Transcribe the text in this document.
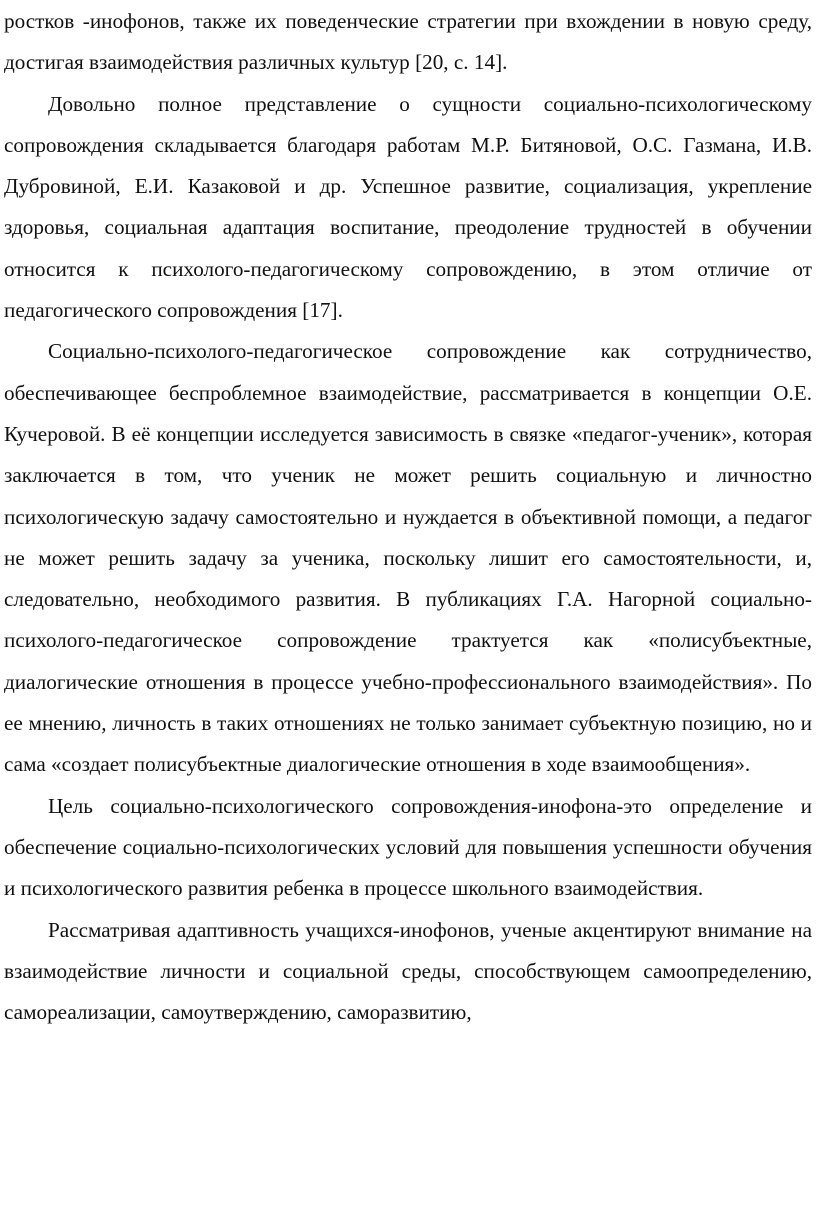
ростков -инофонов, также их поведенческие стратегии при вхождении в новую среду, достигая взаимодействия различных культур [20, с. 14].

Довольно полное представление о сущности социально-психологическому сопровождения складывается благодаря работам М.Р. Битяновой, О.С. Газмана, И.В. Дубровиной, Е.И. Казаковой и др. Успешное развитие, социализация, укрепление здоровья, социальная адаптация воспитание, преодоление трудностей в обучении относится к психолого-педагогическому сопровождению, в этом отличие от педагогического сопровождения [17].

Социально-психолого-педагогическое сопровождение как сотрудничество, обеспечивающее беспроблемное взаимодействие, рассматривается в концепции О.Е. Кучеровой. В её концепции исследуется зависимость в связке «педагог-ученик», которая заключается в том, что ученик не может решить социальную и личностно психологическую задачу самостоятельно и нуждается в объективной помощи, а педагог не может решить задачу за ученика, поскольку лишит его самостоятельности, и, следовательно, необходимого развития. В публикациях Г.А. Нагорной социально-психолого-педагогическое сопровождение трактуется как «полисубъектные, диалогические отношения в процессе учебно-профессионального взаимодействия». По ее мнению, личность в таких отношениях не только занимает субъектную позицию, но и сама «создает полисубъектные диалогические отношения в ходе взаимообщения».

Цель социально-психологического сопровождения-инофона-это определение и обеспечение социально-психологических условий для повышения успешности обучения и психологического развития ребенка в процессе школьного взаимодействия.

Рассматривая адаптивность учащихся-инофонов, ученые акцентируют внимание на взаимодействие личности и социальной среды, способствующем самоопределению, самореализации, самоутверждению, саморазвитию,
